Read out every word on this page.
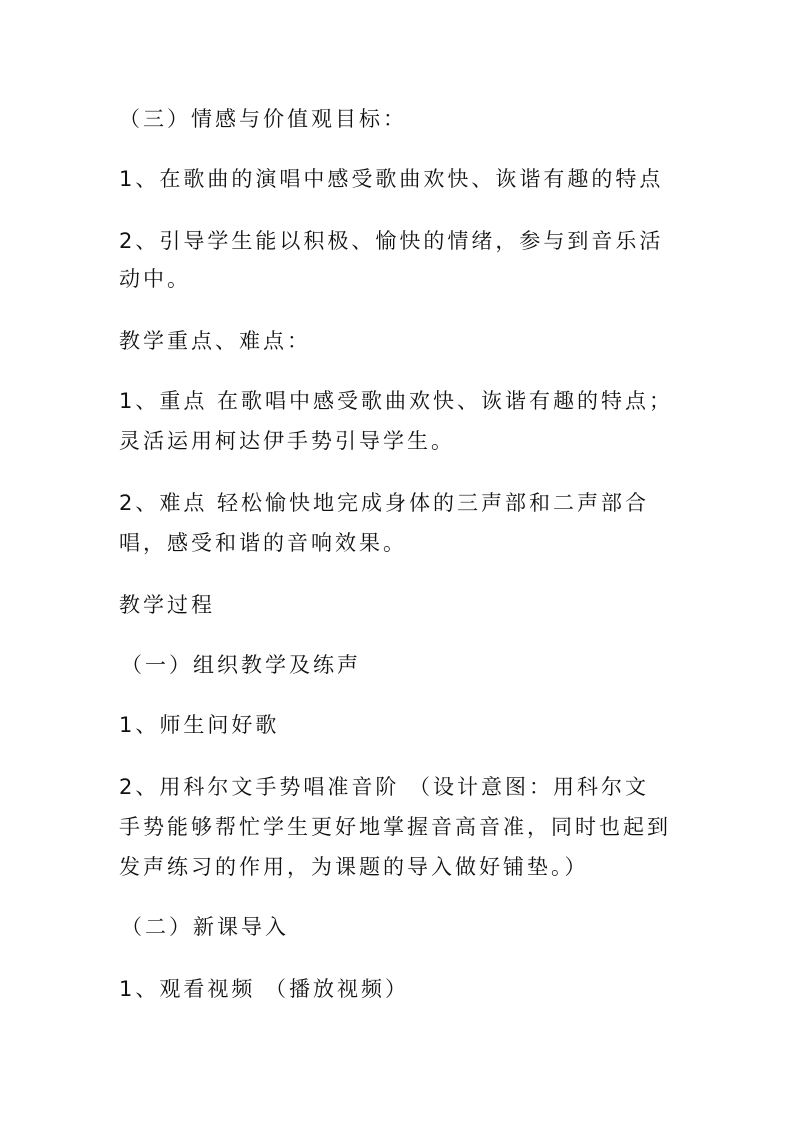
（三）情感与价值观目标：

1、在歌曲的演唱中感受歌曲欢快、诙谐有趣的特点

2、引导学生能以积极、愉快的情绪，参与到音乐活

动中。

教学重点、难点：

1、重点 在歌唱中感受歌曲欢快、诙谐有趣的特点；

灵活运用柯达伊手势引导学生。

2、难点 轻松愉快地完成身体的三声部和二声部合

唱，感受和谐的音响效果。

教学过程

（一）组织教学及练声

1、师生问好歌

2、用科尔文手势唱准音阶 （设计意图：用科尔文

手势能够帮忙学生更好地掌握音高音准，同时也起到

发声练习的作用，为课题的导入做好铺垫。）

（二）新课导入

1、观看视频 （播放视频）
